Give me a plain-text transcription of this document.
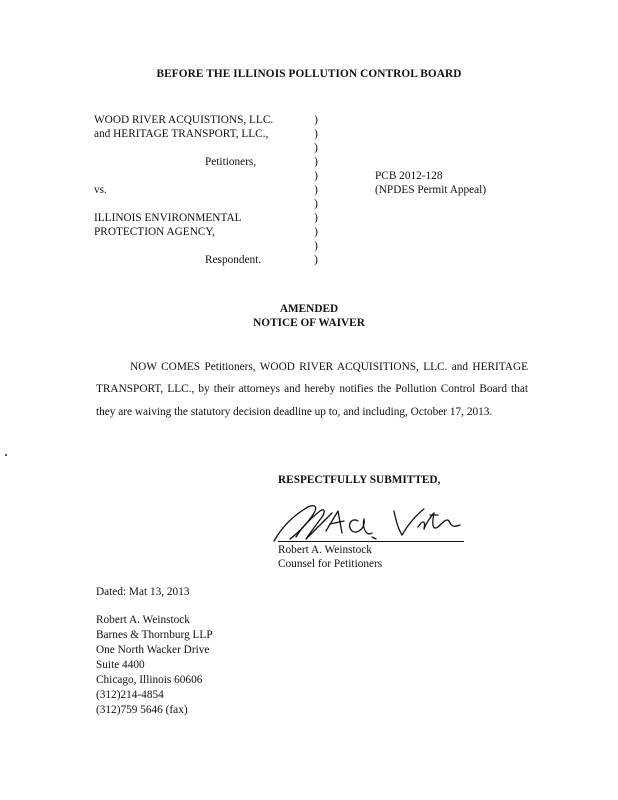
BEFORE THE ILLINOIS POLLUTION CONTROL BOARD
WOOD RIVER ACQUISTIONS, LLC.
and HERITAGE TRANSPORT, LLC.,
Petitioners,
vs.
ILLINOIS ENVIRONMENTAL
PROTECTION AGENCY,
Respondent.
)
)
)
)
)
)
)
)
)
)
)
PCB 2012-128
(NPDES Permit Appeal)
AMENDED
NOTICE OF WAIVER

NOW COMES Petitioners, WOOD RIVER ACQUISITIONS, LLC. and HERITAGE TRANSPORT, LLC., by their attorneys and hereby notifies the Pollution Control Board that they are waiving the statutory decision deadline up to, and including, October 17, 2013.

RESPECTFULLY SUBMITTED,
Robert A. Weinstock
Counsel for Petitioners
Dated: Mat 13, 2013
Robert A. Weinstock
Barnes & Thornburg LLP
One North Wacker Drive
Suite 4400
Chicago, Illinois 60606
(312)214-4854
(312)759 5646 (fax)
